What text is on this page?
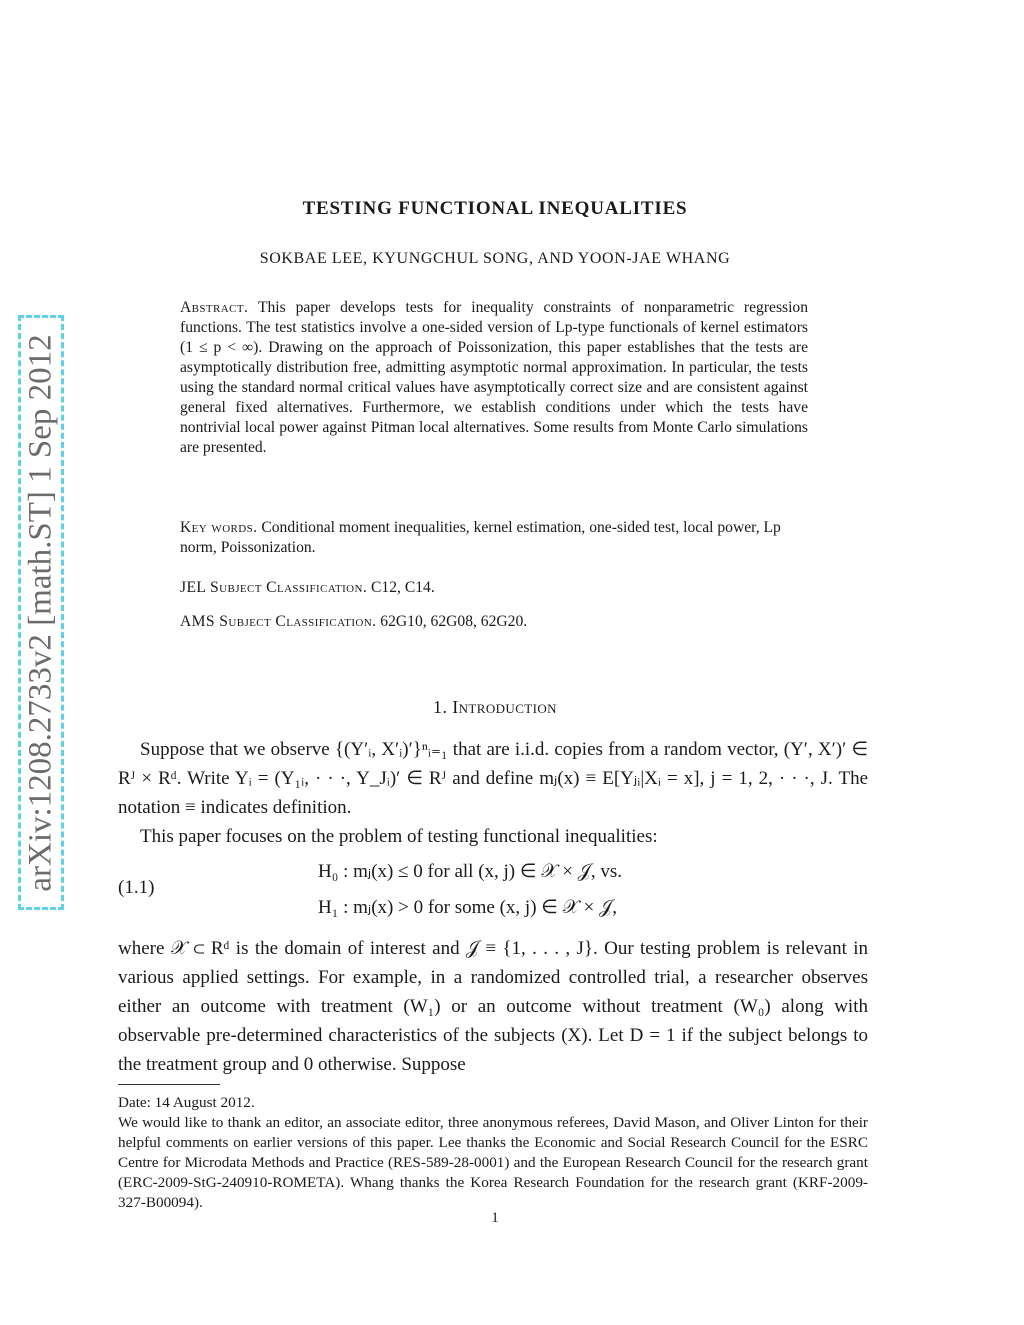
arXiv:1208.2733v2 [math.ST] 1 Sep 2012
TESTING FUNCTIONAL INEQUALITIES
SOKBAE LEE, KYUNGCHUL SONG, AND YOON-JAE WHANG
Abstract. This paper develops tests for inequality constraints of nonparametric regression functions. The test statistics involve a one-sided version of Lp-type functionals of kernel estimators (1 ≤ p < ∞). Drawing on the approach of Poissonization, this paper establishes that the tests are asymptotically distribution free, admitting asymptotic normal approximation. In particular, the tests using the standard normal critical values have asymptotically correct size and are consistent against general fixed alternatives. Furthermore, we establish conditions under which the tests have nontrivial local power against Pitman local alternatives. Some results from Monte Carlo simulations are presented.
Key words. Conditional moment inequalities, kernel estimation, one-sided test, local power, Lp norm, Poissonization.
JEL Subject Classification. C12, C14.
AMS Subject Classification. 62G10, 62G08, 62G20.
1. Introduction
Suppose that we observe {(Y′ᵢ, X′ᵢ)′}ⁿᵢ₌₁ that are i.i.d. copies from a random vector, (Y′, X′)′ ∈ Rᴶ × Rᵈ. Write Yᵢ = (Y₁ᵢ, · · ·, Y_Jᵢ)′ ∈ Rᴶ and define mⱼ(x) ≡ E[Yⱼᵢ|Xᵢ = x], j = 1, 2, · · ·, J. The notation ≡ indicates definition.
This paper focuses on the problem of testing functional inequalities:
(1.1)
H₀ : mⱼ(x) ≤ 0 for all (x, j) ∈ 𝒳 × 𝒥, vs.
H₁ : mⱼ(x) > 0 for some (x, j) ∈ 𝒳 × 𝒥,
where 𝒳 ⊂ Rᵈ is the domain of interest and 𝒥 ≡ {1, . . . , J}. Our testing problem is relevant in various applied settings. For example, in a randomized controlled trial, a researcher observes either an outcome with treatment (W₁) or an outcome without treatment (W₀) along with observable pre-determined characteristics of the subjects (X). Let D = 1 if the subject belongs to the treatment group and 0 otherwise. Suppose
Date: 14 August 2012.
We would like to thank an editor, an associate editor, three anonymous referees, David Mason, and Oliver Linton for their helpful comments on earlier versions of this paper. Lee thanks the Economic and Social Research Council for the ESRC Centre for Microdata Methods and Practice (RES-589-28-0001) and the European Research Council for the research grant (ERC-2009-StG-240910-ROMETA). Whang thanks the Korea Research Foundation for the research grant (KRF-2009-327-B00094).
1
